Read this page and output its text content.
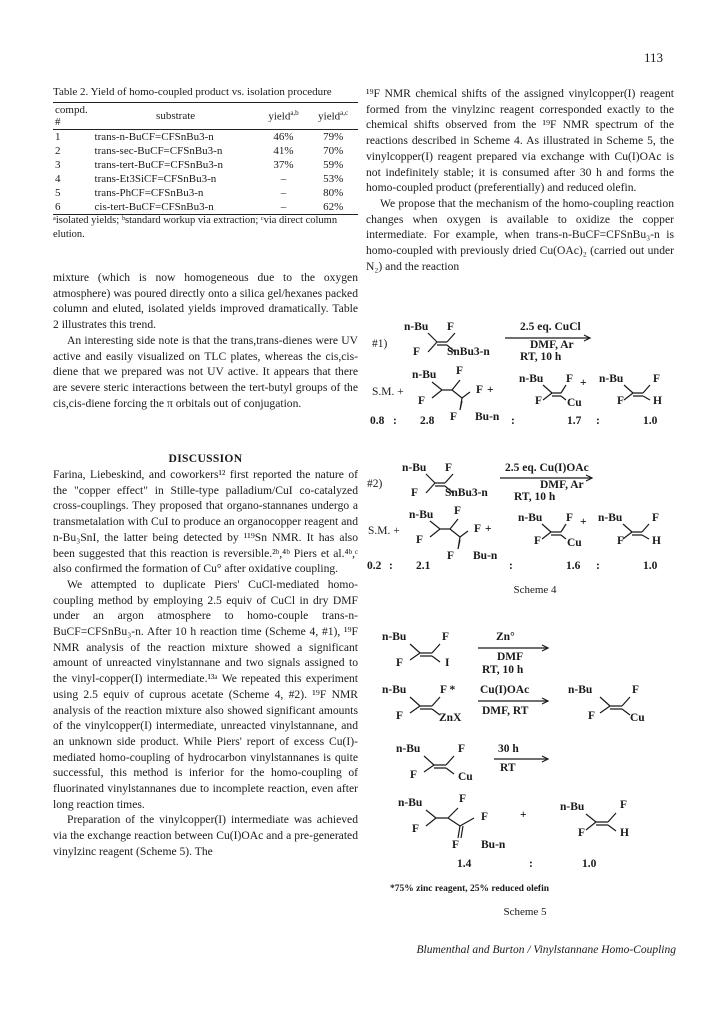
113
Table 2. Yield of homo-coupled product vs. isolation procedure
compd. #	substrate	yield$^{a,b}$	yield$^{a,c}$
1	trans-n-BuCF=CFSnBu3-n	46%	79%
2	trans-sec-BuCF=CFSnBu3-n	41%	70%
3	trans-tert-BuCF=CFSnBu3-n	37%	59%
4	trans-Et3SiCF=CFSnBu3-n	–	53%
5	trans-PhCF=CFSnBu3-n	–	80%
6	cis-tert-BuCF=CFSnBu3-n	–	62%
ᵃisolated yields; ᵇstandard workup via extraction; ᶜvia direct column elution.

mixture (which is now homogeneous due to the oxygen atmosphere) was poured directly onto a silica gel/hexanes packed column and eluted, isolated yields improved dramatically. Table 2 illustrates this trend.

An interesting side note is that the trans,trans-dienes were UV active and easily visualized on TLC plates, whereas the cis,cis-diene that we prepared was not UV active. It appears that there are severe steric interactions between the tert-butyl groups of the cis,cis-diene forcing the π orbitals out of conjugation.

DISCUSSION

Farina, Liebeskind, and coworkers¹² first reported the nature of the "copper effect" in Stille-type palladium/CuI co-catalyzed cross-couplings. They proposed that organo-stannanes undergo a transmetalation with CuI to produce an organocopper reagent and n-Bu₃SnI, the latter being detected by ¹¹⁹Sn NMR. It has also been suggested that this reaction is reversible.²ᵇ,⁴ᵇ Piers et al.⁴ᵇ,ᶜ also confirmed the formation of Cu° after oxidative coupling.

We attempted to duplicate Piers' CuCl-mediated homo-coupling method by employing 2.5 equiv of CuCl in dry DMF under an argon atmosphere to homo-couple trans-n-BuCF=CFSnBu₃-n. After 10 h reaction time (Scheme 4, #1), ¹⁹F NMR analysis of the reaction mixture showed a significant amount of unreacted vinylstannane and two signals assigned to the vinyl-copper(I) intermediate.¹³ᵃ We repeated this experiment using 2.5 equiv of cuprous acetate (Scheme 4, #2). ¹⁹F NMR analysis of the reaction mixture also showed significant amounts of the vinylcopper(I) intermediate, unreacted vinylstannane, and an unknown side product. While Piers' report of excess Cu(I)-mediated homo-coupling of hydrocarbon vinylstannanes is quite successful, this method is inferior for the homo-coupling of fluorinated vinylstannanes due to incomplete reaction, even after long reaction times.

Preparation of the vinylcopper(I) intermediate was achieved via the exchange reaction between Cu(I)OAc and a pre-generated vinylzinc reagent (Scheme 5). The

¹⁹F NMR chemical shifts of the assigned vinylcopper(I) reagent formed from the vinylzinc reagent corresponded exactly to the chemical shifts observed from the ¹⁹F NMR spectrum of the reactions described in Scheme 4. As illustrated in Scheme 5, the vinylcopper(I) reagent prepared via exchange with Cu(I)OAc is not indefinitely stable; it is consumed after 30 h and forms the homo-coupled product (preferentially) and reduced olefin.

We propose that the mechanism of the homo-coupling reaction changes when oxygen is available to oxidize the copper intermediate. For example, when trans-n-BuCF=CFSnBu₃-n is homo-coupled with previously dried Cu(OAc)₂ (carried out under N₂) and the reaction

#1)
n-Bu F
F SnBu3-n
2.5 eq. CuCl
DMF, Ar
RT, 10 h
S.M. +
n-Bu F
F
F
F Bu-n
+
n-Bu F
F Cu
+ n-Bu	F
F	H
0.8 : 2.8	:	1.7 :	1.0
#2)
n-Bu F
F SnBu3-n
2.5 eq. Cu(I)OAc
DMF, Ar
RT, 10 h
S.M. +
n-Bu F
F
F
F Bu-n
+
n-Bu F
F Cu
+ n-Bu	F
F H
0.2 : 2.1	:	1.6 :	1.0
n-Bu	F
F	I
Zn°
DMF
RT, 10 h
n-Bu	F *
F	ZnX
Cu(I)OAc
DMF, RT
n-Bu	F
F	Cu
n-Bu	F
F	Cu
30 h
RT
n-Bu	F
F
F
F Bu-n
+
n-Bu	F
F	H
1.4	:	1.0
Scheme 4
*75% zinc reagent, 25% reduced olefin
Scheme 5
Blumenthal and Burton / Vinylstannane Homo-Coupling
